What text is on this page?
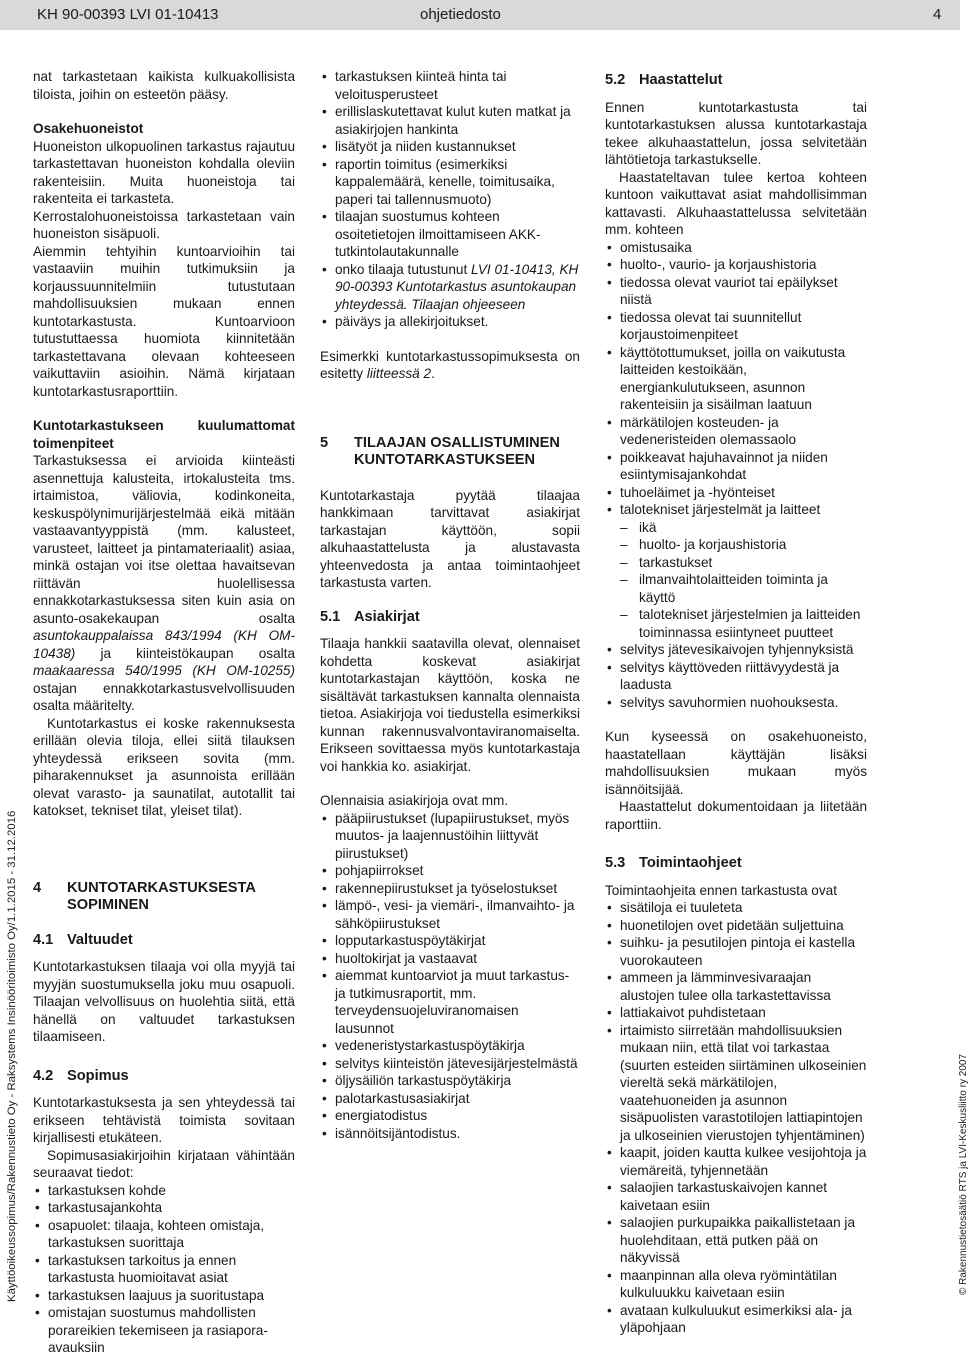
KH 90-00393 LVI 01-10413	ohjetiedosto	4
Käyttöoikeussopimus/Rakennustieto Oy - Raksystems Insinööritoimisto Oy/1.1.2015 - 31.12.2016	© Rakennustietosäätiö RTS ja LVI-Keskusliitto ry 2007

nat tarkastetaan kaikista kulkuakollisista tiloista, joihin on esteetön pääsy.

Osakehuoneistot

Huoneiston ulkopuolinen tarkastus rajautuu tarkastettavan huoneiston kohdalla oleviin rakenteisiin. Muita huoneistoja tai rakenteita ei tarkasteta.

Kerrostalohuoneistoissa tarkastetaan vain huoneiston sisäpuoli.

Aiemmin tehtyihin kuntoarvioihin tai vastaaviin muihin tutkimuksiin ja korjaussuunnitelmiin tutustutaan mahdollisuuksien mukaan ennen kuntotarkastusta. Kuntoarvioon tutustuttaessa huomiota kiinnitetään tarkastettavana olevaan kohteeseen vaikuttaviin asioihin. Nämä kirjataan kuntotarkastusraporttiin.

Kuntotarkastukseen kuulumattomat toimenpiteet

Tarkastuksessa ei arvioida kiinteästi asennettuja kalusteita, irtokalusteita tms. irtaimistoa, väliovia, kodinkoneita, keskuspölynimurijärjestelmää eikä mitään vastaavantyyppistä (mm. kalusteet, varusteet, laitteet ja pintamateriaalit) asiaa, minkä ostajan voi itse olettaa havaitsevan riittävän huolellisessa ennakkotarkastuksessa siten kuin asia on asunto-osakekaupan osalta asuntokauppalaissa 843/1994 (KH OM-10438) ja kiinteistökaupan osalta maakaaressa 540/1995 (KH OM-10255) ostajan ennakkotarkastusvelvollisuuden osalta määritelty.

Kuntotarkastus ei koske rakennuksesta erillään olevia tiloja, ellei siitä tilauksen yhteydessä erikseen sovita (mm. piharakennukset ja asunnoista erillään olevat varasto- ja saunatilat, autotallit tai katokset, tekniset tilat, yleiset tilat).

4 KUNTOTARKASTUKSESTA SOPIMINEN
4.1 Valtuudet

Kuntotarkastuksen tilaaja voi olla myyjä tai myyjän suostumuksella joku muu osapuoli. Tilaajan velvollisuus on huolehtia siitä, että hänellä on valtuudet tarkastuksen tilaamiseen.

4.2 Sopimus

Kuntotarkastuksesta ja sen yhteydessä tai erikseen tehtävistä toimista sovitaan kirjallisesti etukäteen.

Sopimusasiakirjoihin kirjataan vähintään seuraavat tiedot:

• tarkastuksen kohde
• tarkastusajankohta
• osapuolet: tilaaja, kohteen omistaja, tarkastuksen suorittaja
• tarkastuksen tarkoitus ja ennen tarkastusta huomioitavat asiat
• tarkastuksen laajuus ja suoritustapa
• omistajan suostumus mahdollisten porareikien tekemiseen ja rasiapora-avauksiin
• tarkastuksen kiinteä hinta tai veloitusperusteet
• erillislaskutettavat kulut kuten matkat ja asiakirjojen hankinta
• lisätyöt ja niiden kustannukset
• raportin toimitus (esimerkiksi kappalemäärä, kenelle, toimitusaika, paperi tai tallennusmuoto)
• tilaajan suostumus kohteen osoitetietojen ilmoittamiseen AKK-tutkintolautakunnalle
• onko tilaaja tutustunut LVI 01-10413, KH 90-00393 Kuntotarkastus asuntokaupan yhteydessä. Tilaajan ohjeeseen
• päiväys ja allekirjoitukset.

Esimerkki kuntotarkastussopimuksesta on esitetty liitteessä 2.

5 TILAAJAN OSALLISTUMINEN KUNTOTARKASTUKSEEN

Kuntotarkastaja pyytää tilaajaa hankkimaan tarvittavat asiakirjat tarkastajan käyttöön, sopii alkuhaastattelusta ja alustavasta yhteenvedosta ja antaa toimintaohjeet tarkastusta varten.

5.1 Asiakirjat

Tilaaja hankkii saatavilla olevat, olennaiset kohdetta koskevat asiakirjat kuntotarkastajan käyttöön, koska ne sisältävät tarkastuksen kannalta olennaista tietoa. Asiakirjoja voi tiedustella esimerkiksi kunnan rakennusvalvontaviranomaiselta. Erikseen sovittaessa myös kuntotarkastaja voi hankkia ko. asiakirjat.

Olennaisia asiakirjoja ovat mm.

• pääpiirustukset (lupapiirustukset, myös muutos- ja laajennustöihin liittyvät piirustukset)
• pohjapiirrokset
• rakennepiirustukset ja työselostukset
• lämpö-, vesi- ja viemäri-, ilmanvaihto- ja sähköpiirustukset
• lopputarkastuspöytäkirjat
• huoltokirjat ja vastaavat
• aiemmat kuntoarviot ja muut tarkastus- ja tutkimusraportit, mm. terveydensuojeluviranomaisen lausunnot
• vedeneristystarkastuspöytäkirja
• selvitys kiinteistön jätevesijärjestelmästä
• öljysäiliön tarkastuspöytäkirja
• palotarkastusasiakirjat
• energiatodistus
• isännöitsijäntodistus.
5.2 Haastattelut

Ennen kuntotarkastusta tai kuntotarkastuksen alussa kuntotarkastaja tekee alkuhaastattelun, jossa selvitetään lähtötietoja tarkastukselle.

Haastateltavan tulee kertoa kohteen kuntoon vaikuttavat asiat mahdollisimman kattavasti. Alkuhaastattelussa selvitetään mm. kohteen

• omistusaika
• huolto-, vaurio- ja korjaushistoria
• tiedossa olevat vauriot tai epäilykset niistä
• tiedossa olevat tai suunnitellut korjaustoimenpiteet
• käyttötottumukset, joilla on vaikutusta laitteiden kestoikään, energiankulutukseen, asunnon rakenteisiin ja sisäilman laatuun
• märkätilojen kosteuden- ja vedeneristeiden olemassaolo
• poikkeavat hajuhavainnot ja niiden esiintymisajankohdat
• tuhoeläimet ja -hyönteiset
• talotekniset järjestelmät ja laitteet
– ikä
– huolto- ja korjaushistoria
– tarkastukset
– ilmanvaihtolaitteiden toiminta ja käyttö
– talotekniset järjestelmien ja laitteiden toiminnassa esiintyneet puutteet
• selvitys jätevesikaivojen tyhjennyksistä
• selvitys käyttöveden riittävyydestä ja laadusta
• selvitys savuhormien nuohouksesta.

Kun kyseessä on osakehuoneisto, haastatellaan käyttäjän lisäksi mahdollisuuksien mukaan myös isännöitsijää.

Haastattelut dokumentoidaan ja liitetään raporttiin.

5.3 Toimintaohjeet

Toimintaohjeita ennen tarkastusta ovat

• sisätiloja ei tuuleteta
• huonetilojen ovet pidetään suljettuina
• suihku- ja pesutilojen pintoja ei kastella vuorokauteen
• ammeen ja lämminvesivaraajan alustojen tulee olla tarkastettavissa
• lattiakaivot puhdistetaan
• irtaimisto siirretään mahdollisuuksien mukaan niin, että tilat voi tarkastaa (suurten esteiden siirtäminen ulkoseinien viereltä sekä märkätilojen, vaatehuoneiden ja asunnon sisäpuolisten varastotilojen lattiapintojen ja ulkoseinien vierustojen tyhjentäminen)
• kaapit, joiden kautta kulkee vesijohtoja ja viemäreitä, tyhjennetään
• salaojien tarkastuskaivojen kannet kaivetaan esiin
• salaojien purkupaikka paikallistetaan ja huolehditaan, että putken pää on näkyvissä
• maanpinnan alla oleva ryömintätilan kulkuluukku kaivetaan esiin
• avataan kulkuluukut esimerkiksi ala- ja yläpohjaan
